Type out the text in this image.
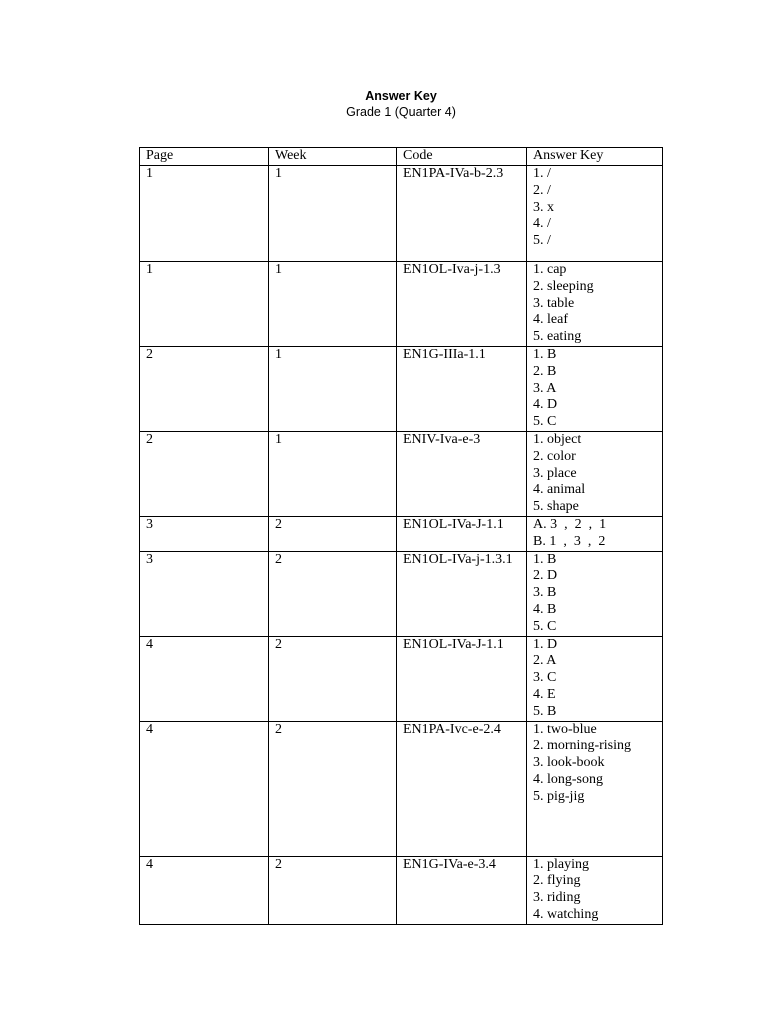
Answer Key
Grade 1 (Quarter 4)
Page	Week	Code	Answer Key
1	1	EN1PA-IVa-b-2.3	1. /
2. /
3. x
4. /
5. /

1	1	EN1OL-Iva-j-1.3	1. cap
2. sleeping
3. table
4. leaf
5. eating

2	1	EN1G-IIIa-1.1	1. B
2. B
3. A
4. D
5. C

2	1	ENIV-Iva-e-3	1. object
2. color
3. place
4. animal
5. shape

3	2	EN1OL-IVa-J-1.1	A. 3  ,  2  ,  1
B. 1  ,  3  ,  2

3	2	EN1OL-IVa-j-1.3.1	1. B
2. D
3. B
4. B
5. C

4	2	EN1OL-IVa-J-1.1	1. D
2. A
3. C
4. E
5. B

4	2	EN1PA-Ivc-e-2.4	1. two-blue
2. morning-rising
3. look-book
4. long-song
5. pig-jig

4	2	EN1G-IVa-e-3.4	1. playing
2. flying
3. riding
4. watching
